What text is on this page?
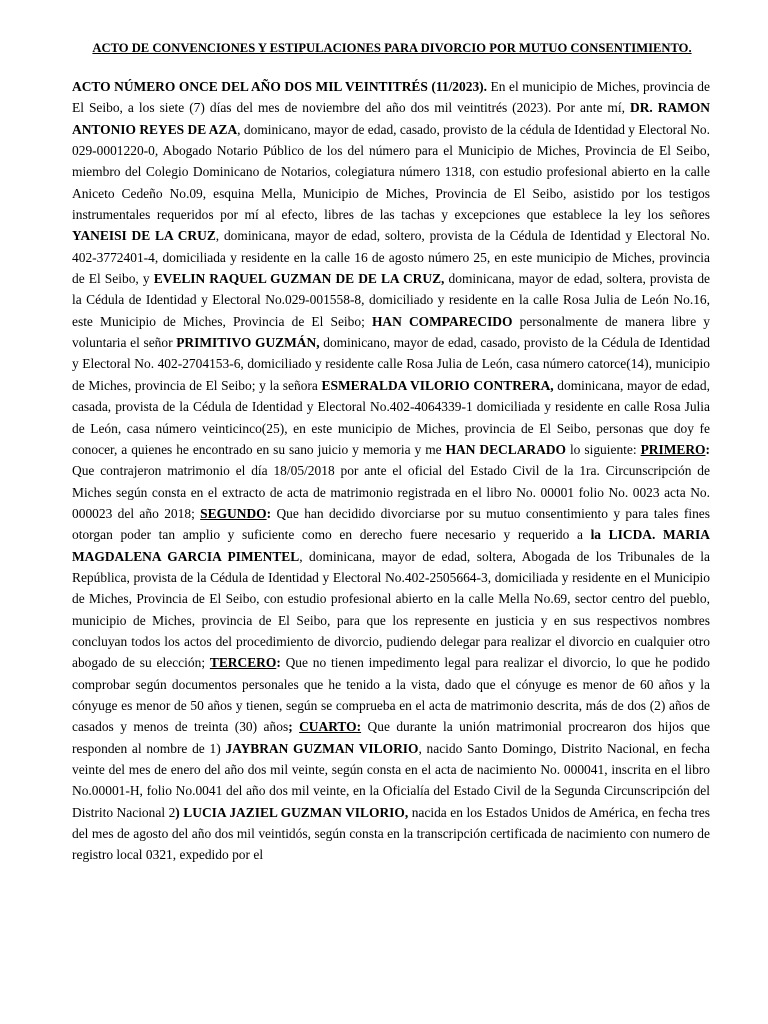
ACTO DE CONVENCIONES Y ESTIPULACIONES PARA DIVORCIO POR MUTUO CONSENTIMIENTO.

ACTO NÚMERO ONCE DEL AÑO DOS MIL VEINTITRÉS (11/2023). En el municipio de Miches, provincia de El Seibo, a los siete (7) días del mes de noviembre del año dos mil veintitrés (2023). Por ante mí, DR. RAMON ANTONIO REYES DE AZA, dominicano, mayor de edad, casado, provisto de la cédula de Identidad y Electoral No. 029-0001220-0, Abogado Notario Público de los del número para el Municipio de Miches, Provincia de El Seibo, miembro del Colegio Dominicano de Notarios, colegiatura número 1318, con estudio profesional abierto en la calle Aniceto Cedeño No.09, esquina Mella, Municipio de Miches, Provincia de El Seibo, asistido por los testigos instrumentales requeridos por mí al efecto, libres de las tachas y excepciones que establece la ley los señores YANEISI DE LA CRUZ, dominicana, mayor de edad, soltero, provista de la Cédula de Identidad y Electoral No. 402-3772401-4, domiciliada y residente en la calle 16 de agosto número 25, en este municipio de Miches, provincia de El Seibo, y EVELIN RAQUEL GUZMAN DE DE LA CRUZ, dominicana, mayor de edad, soltera, provista de la Cédula de Identidad y Electoral No.029-001558-8, domiciliado y residente en la calle Rosa Julia de León No.16, este Municipio de Miches, Provincia de El Seibo; HAN COMPARECIDO personalmente de manera libre y voluntaria el señor PRIMITIVO GUZMÁN, dominicano, mayor de edad, casado, provisto de la Cédula de Identidad y Electoral No. 402-2704153-6, domiciliado y residente calle Rosa Julia de León, casa número catorce(14), municipio de Miches, provincia de El Seibo; y la señora ESMERALDA VILORIO CONTRERA, dominicana, mayor de edad, casada, provista de la Cédula de Identidad y Electoral No.402-4064339-1 domiciliada y residente en calle Rosa Julia de León, casa número veinticinco(25), en este municipio de Miches, provincia de El Seibo, personas que doy fe conocer, a quienes he encontrado en su sano juicio y memoria y me HAN DECLARADO lo siguiente: PRIMERO: Que contrajeron matrimonio el día 18/05/2018 por ante el oficial del Estado Civil de la 1ra. Circunscripción de Miches según consta en el extracto de acta de matrimonio registrada en el libro No. 00001 folio No. 0023 acta No. 000023 del año 2018; SEGUNDO: Que han decidido divorciarse por su mutuo consentimiento y para tales fines otorgan poder tan amplio y suficiente como en derecho fuere necesario y requerido a la LICDA. MARIA MAGDALENA GARCIA PIMENTEL, dominicana, mayor de edad, soltera, Abogada de los Tribunales de la República, provista de la Cédula de Identidad y Electoral No.402-2505664-3, domiciliada y residente en el Municipio de Miches, Provincia de El Seibo, con estudio profesional abierto en la calle Mella No.69, sector centro del pueblo, municipio de Miches, provincia de El Seibo, para que los represente en justicia y en sus respectivos nombres concluyan todos los actos del procedimiento de divorcio, pudiendo delegar para realizar el divorcio en cualquier otro abogado de su elección; TERCERO: Que no tienen impedimento legal para realizar el divorcio, lo que he podido comprobar según documentos personales que he tenido a la vista, dado que el cónyuge es menor de 60 años y la cónyuge es menor de 50 años y tienen, según se comprueba en el acta de matrimonio descrita, más de dos (2) años de casados y menos de treinta (30) años; CUARTO: Que durante la unión matrimonial procrearon dos hijos que responden al nombre de 1) JAYBRAN GUZMAN VILORIO, nacido Santo Domingo, Distrito Nacional, en fecha veinte del mes de enero del año dos mil veinte, según consta en el acta de nacimiento No. 000041, inscrita en el libro No.00001-H, folio No.0041 del año dos mil veinte, en la Oficialía del Estado Civil de la Segunda Circunscripción del Distrito Nacional 2) LUCIA JAZIEL GUZMAN VILORIO, nacida en los Estados Unidos de América, en fecha tres del mes de agosto del año dos mil veintidós, según consta en la transcripción certificada de nacimiento con numero de registro local 0321, expedido por el
